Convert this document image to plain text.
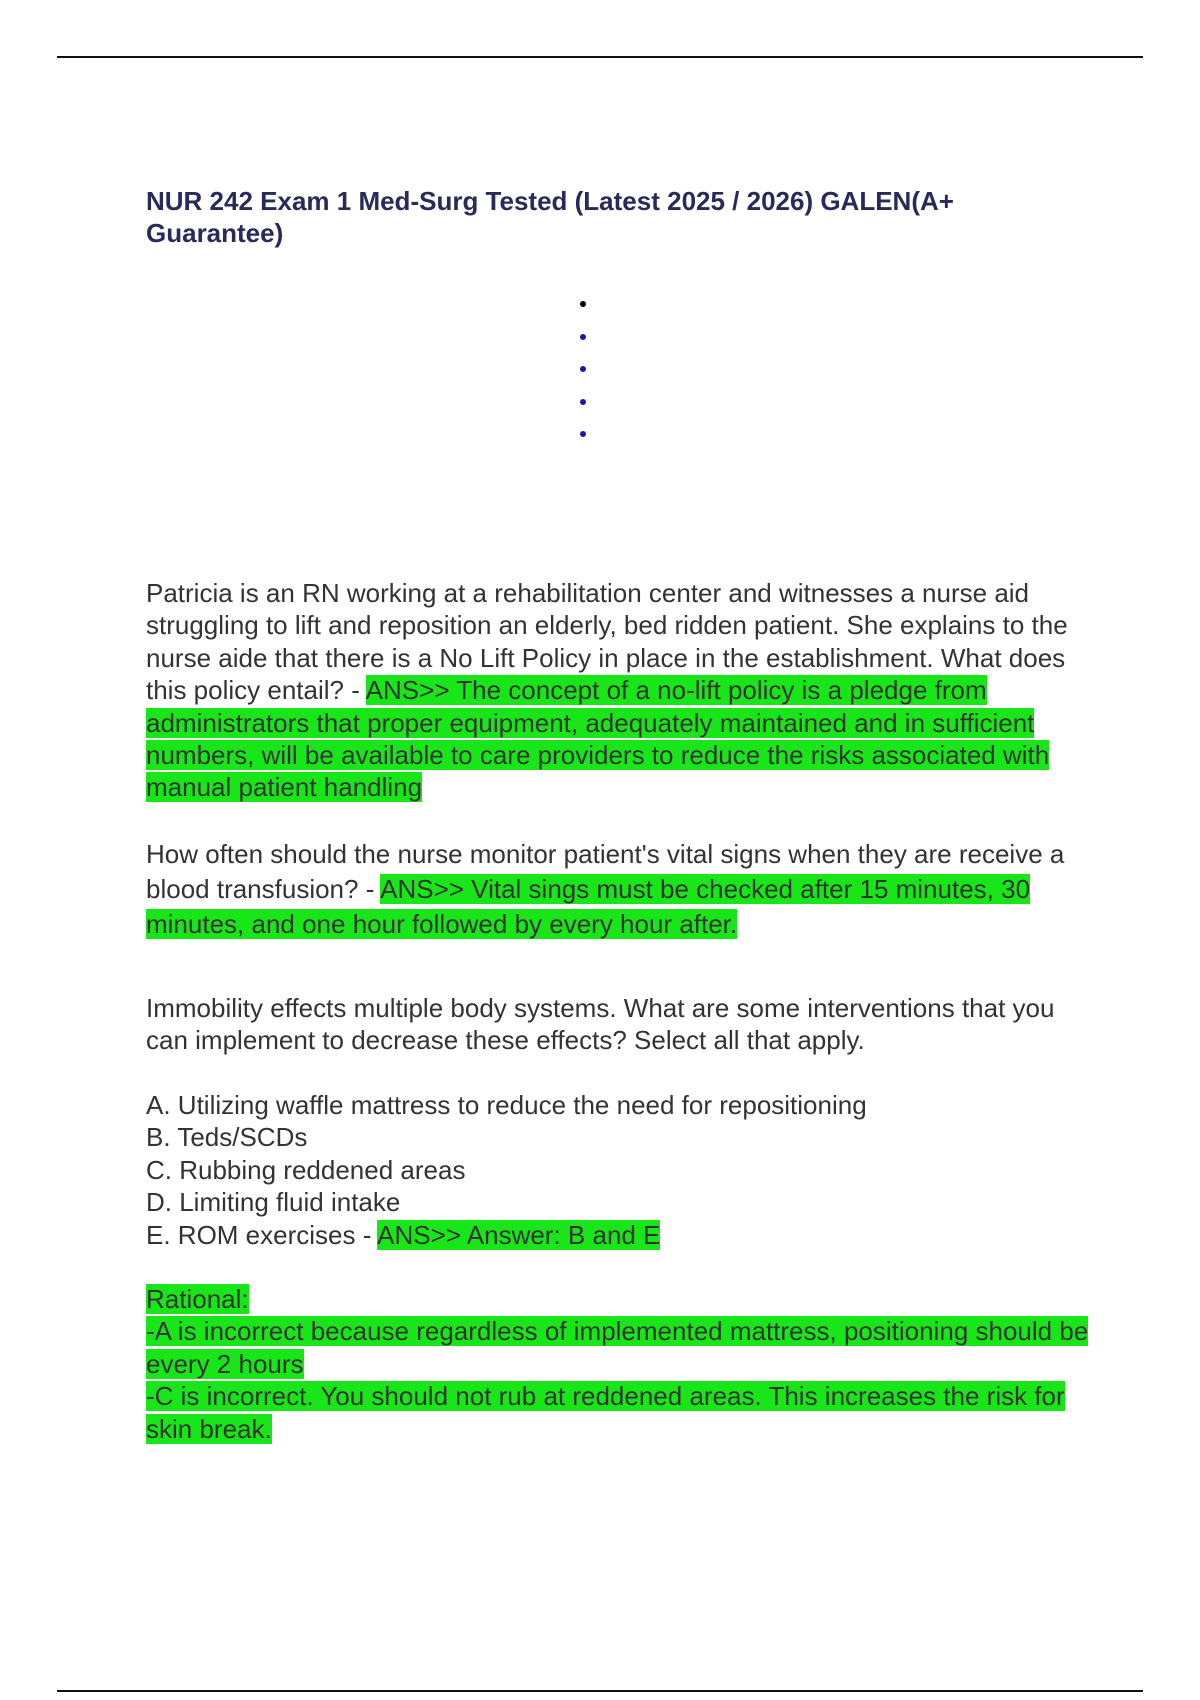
NUR 242 Exam 1 Med-Surg Tested (Latest 2025 / 2026) GALEN(A+ Guarantee)

Patricia is an RN working at a rehabilitation center and witnesses a nurse aid struggling to lift and reposition an elderly, bed ridden patient. She explains to the nurse aide that there is a No Lift Policy in place in the establishment. What does this policy entail? - ANS>> The concept of a no-lift policy is a pledge from administrators that proper equipment, adequately maintained and in sufficient numbers, will be available to care providers to reduce the risks associated with manual patient handling

How often should the nurse monitor patient's vital signs when they are receive a blood transfusion? - ANS>> Vital sings must be checked after 15 minutes, 30 minutes, and one hour followed by every hour after.

Immobility effects multiple body systems. What are some interventions that you can implement to decrease these effects? Select all that apply.

A. Utilizing waffle mattress to reduce the need for repositioning
B. Teds/SCDs
C. Rubbing reddened areas
D. Limiting fluid intake
E. ROM exercises - ANS>> Answer: B and E
Rational:
-A is incorrect because regardless of implemented mattress, positioning should be every 2 hours
-C is incorrect. You should not rub at reddened areas. This increases the risk for skin break.
